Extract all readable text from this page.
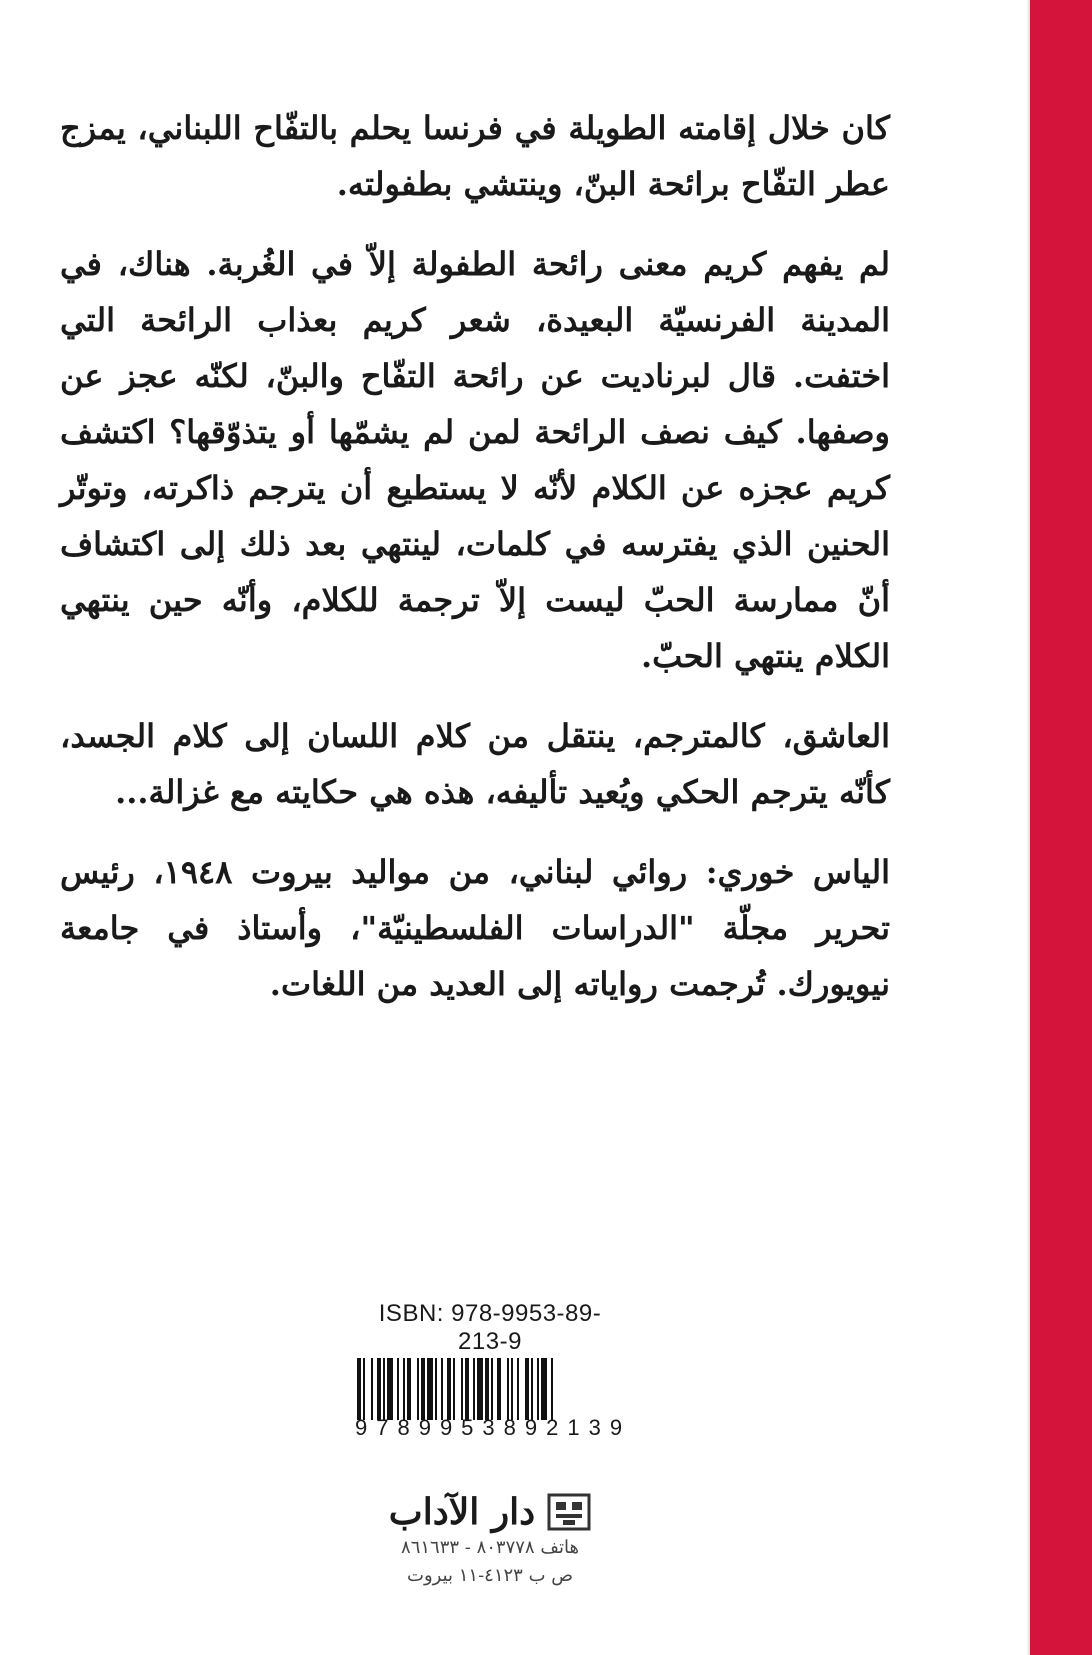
كان خلال إقامته الطويلة في فرنسا يحلم بالتفّاح اللبناني، يمزج عطر التفّاح برائحة البنّ، وينتشي بطفولته.

لم يفهم كريم معنى رائحة الطفولة إلاّ في الغُربة. هناك، في المدينة الفرنسيّة البعيدة، شعر كريم بعذاب الرائحة التي اختفت. قال لبرناديت عن رائحة التفّاح والبنّ، لكنّه عجز عن وصفها. كيف نصف الرائحة لمن لم يشمّها أو يتذوّقها؟ اكتشف كريم عجزه عن الكلام لأنّه لا يستطيع أن يترجم ذاكرته، وتوتّر الحنين الذي يفترسه في كلمات، لينتهي بعد ذلك إلى اكتشاف أنّ ممارسة الحبّ ليست إلاّ ترجمة للكلام، وأنّه حين ينتهي الكلام ينتهي الحبّ.

العاشق، كالمترجم، ينتقل من كلام اللسان إلى كلام الجسد، كأنّه يترجم الحكي ويُعيد تأليفه، هذه هي حكايته مع غزالة...

الياس خوري: روائي لبناني، من مواليد بيروت ١٩٤٨، رئيس تحرير مجلّة "الدراسات الفلسطينيّة"، وأستاذ في جامعة نيويورك. تُرجمت رواياته إلى العديد من اللغات.

ISBN: 978-9953-89-213-9
9789953892139
دار الآداب
هاتف ٨٠٣٧٧٨ - ٨٦١٦٣٣
ص ب ٤١٢٣-١١ بيروت
